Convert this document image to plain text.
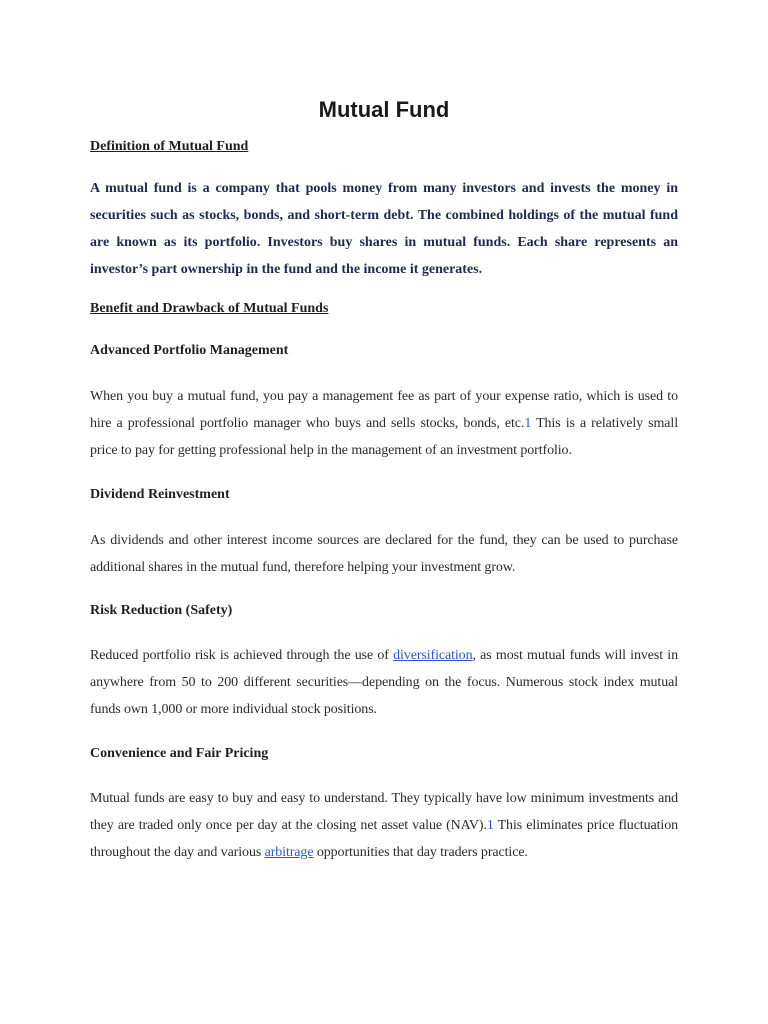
Mutual Fund

Definition of Mutual Fund

A mutual fund is a company that pools money from many investors and invests the money in securities such as stocks, bonds, and short-term debt. The combined holdings of the mutual fund are known as its portfolio. Investors buy shares in mutual funds. Each share represents an investor’s part ownership in the fund and the income it generates.

Benefit and Drawback of Mutual Funds

Advanced Portfolio Management

When you buy a mutual fund, you pay a management fee as part of your expense ratio, which is used to hire a professional portfolio manager who buys and sells stocks, bonds, etc.1 This is a relatively small price to pay for getting professional help in the management of an investment portfolio.

Dividend Reinvestment

As dividends and other interest income sources are declared for the fund, they can be used to purchase additional shares in the mutual fund, therefore helping your investment grow.

Risk Reduction (Safety)

Reduced portfolio risk is achieved through the use of diversification, as most mutual funds will invest in anywhere from 50 to 200 different securities—depending on the focus. Numerous stock index mutual funds own 1,000 or more individual stock positions.

Convenience and Fair Pricing

Mutual funds are easy to buy and easy to understand. They typically have low minimum investments and they are traded only once per day at the closing net asset value (NAV).1 This eliminates price fluctuation throughout the day and various arbitrage opportunities that day traders practice.
